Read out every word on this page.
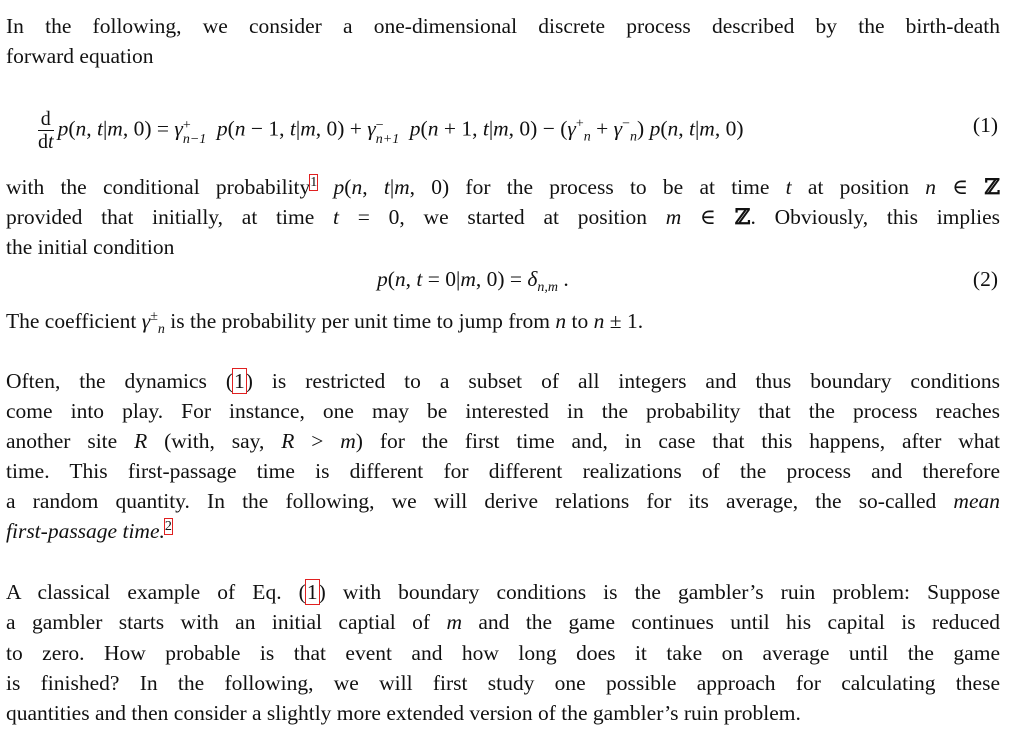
In the following, we consider a one-dimensional discrete process described by the birth-death
forward equation
$\frac{d}{dt} p(n$, t|m, 0) = γ +
n−1 p(n − 1, t|m, 0) + γ −
n+1 p(n + 1, t|m, $0) - (\gamma^+_n + \gamma^-_n)$ p(n, t|m, 0)	(1)
with the conditional probability$^1$ p(n, t|m, 0) for the process to be at time t at position n ∈ ℤ
provided that initially, at time t = 0, we started at position m ∈ ℤ. Obviously, this implies
the initial condition
p(n, t = 0|m, $0) = \delta_{n,m}$ .	(2)
The coefficient $\gamma^\pm_n$ is the probability per unit time to jump from n to n ± 1.
Often, the dynamics (1) is restricted to a subset of all integers and thus boundary conditions
come into play. For instance, one may be interested in the probability that the process reaches
another site R (with, say, R > m) for the first time and, in case that this happens, after what
time. This first-passage time is different for different realizations of the process and therefore
a random quantity. In the following, we will derive relations for its average, the so-called mean
first-passage time.$^2$
A classical example of Eq. (1) with boundary conditions is the gambler’s ruin problem: Suppose
a gambler starts with an initial captial of m and the game continues until his capital is reduced
to zero. How probable is that event and how long does it take on average until the game
is finished? In the following, we will first study one possible approach for calculating these
quantities and then consider a slightly more extended version of the gambler’s ruin problem.
